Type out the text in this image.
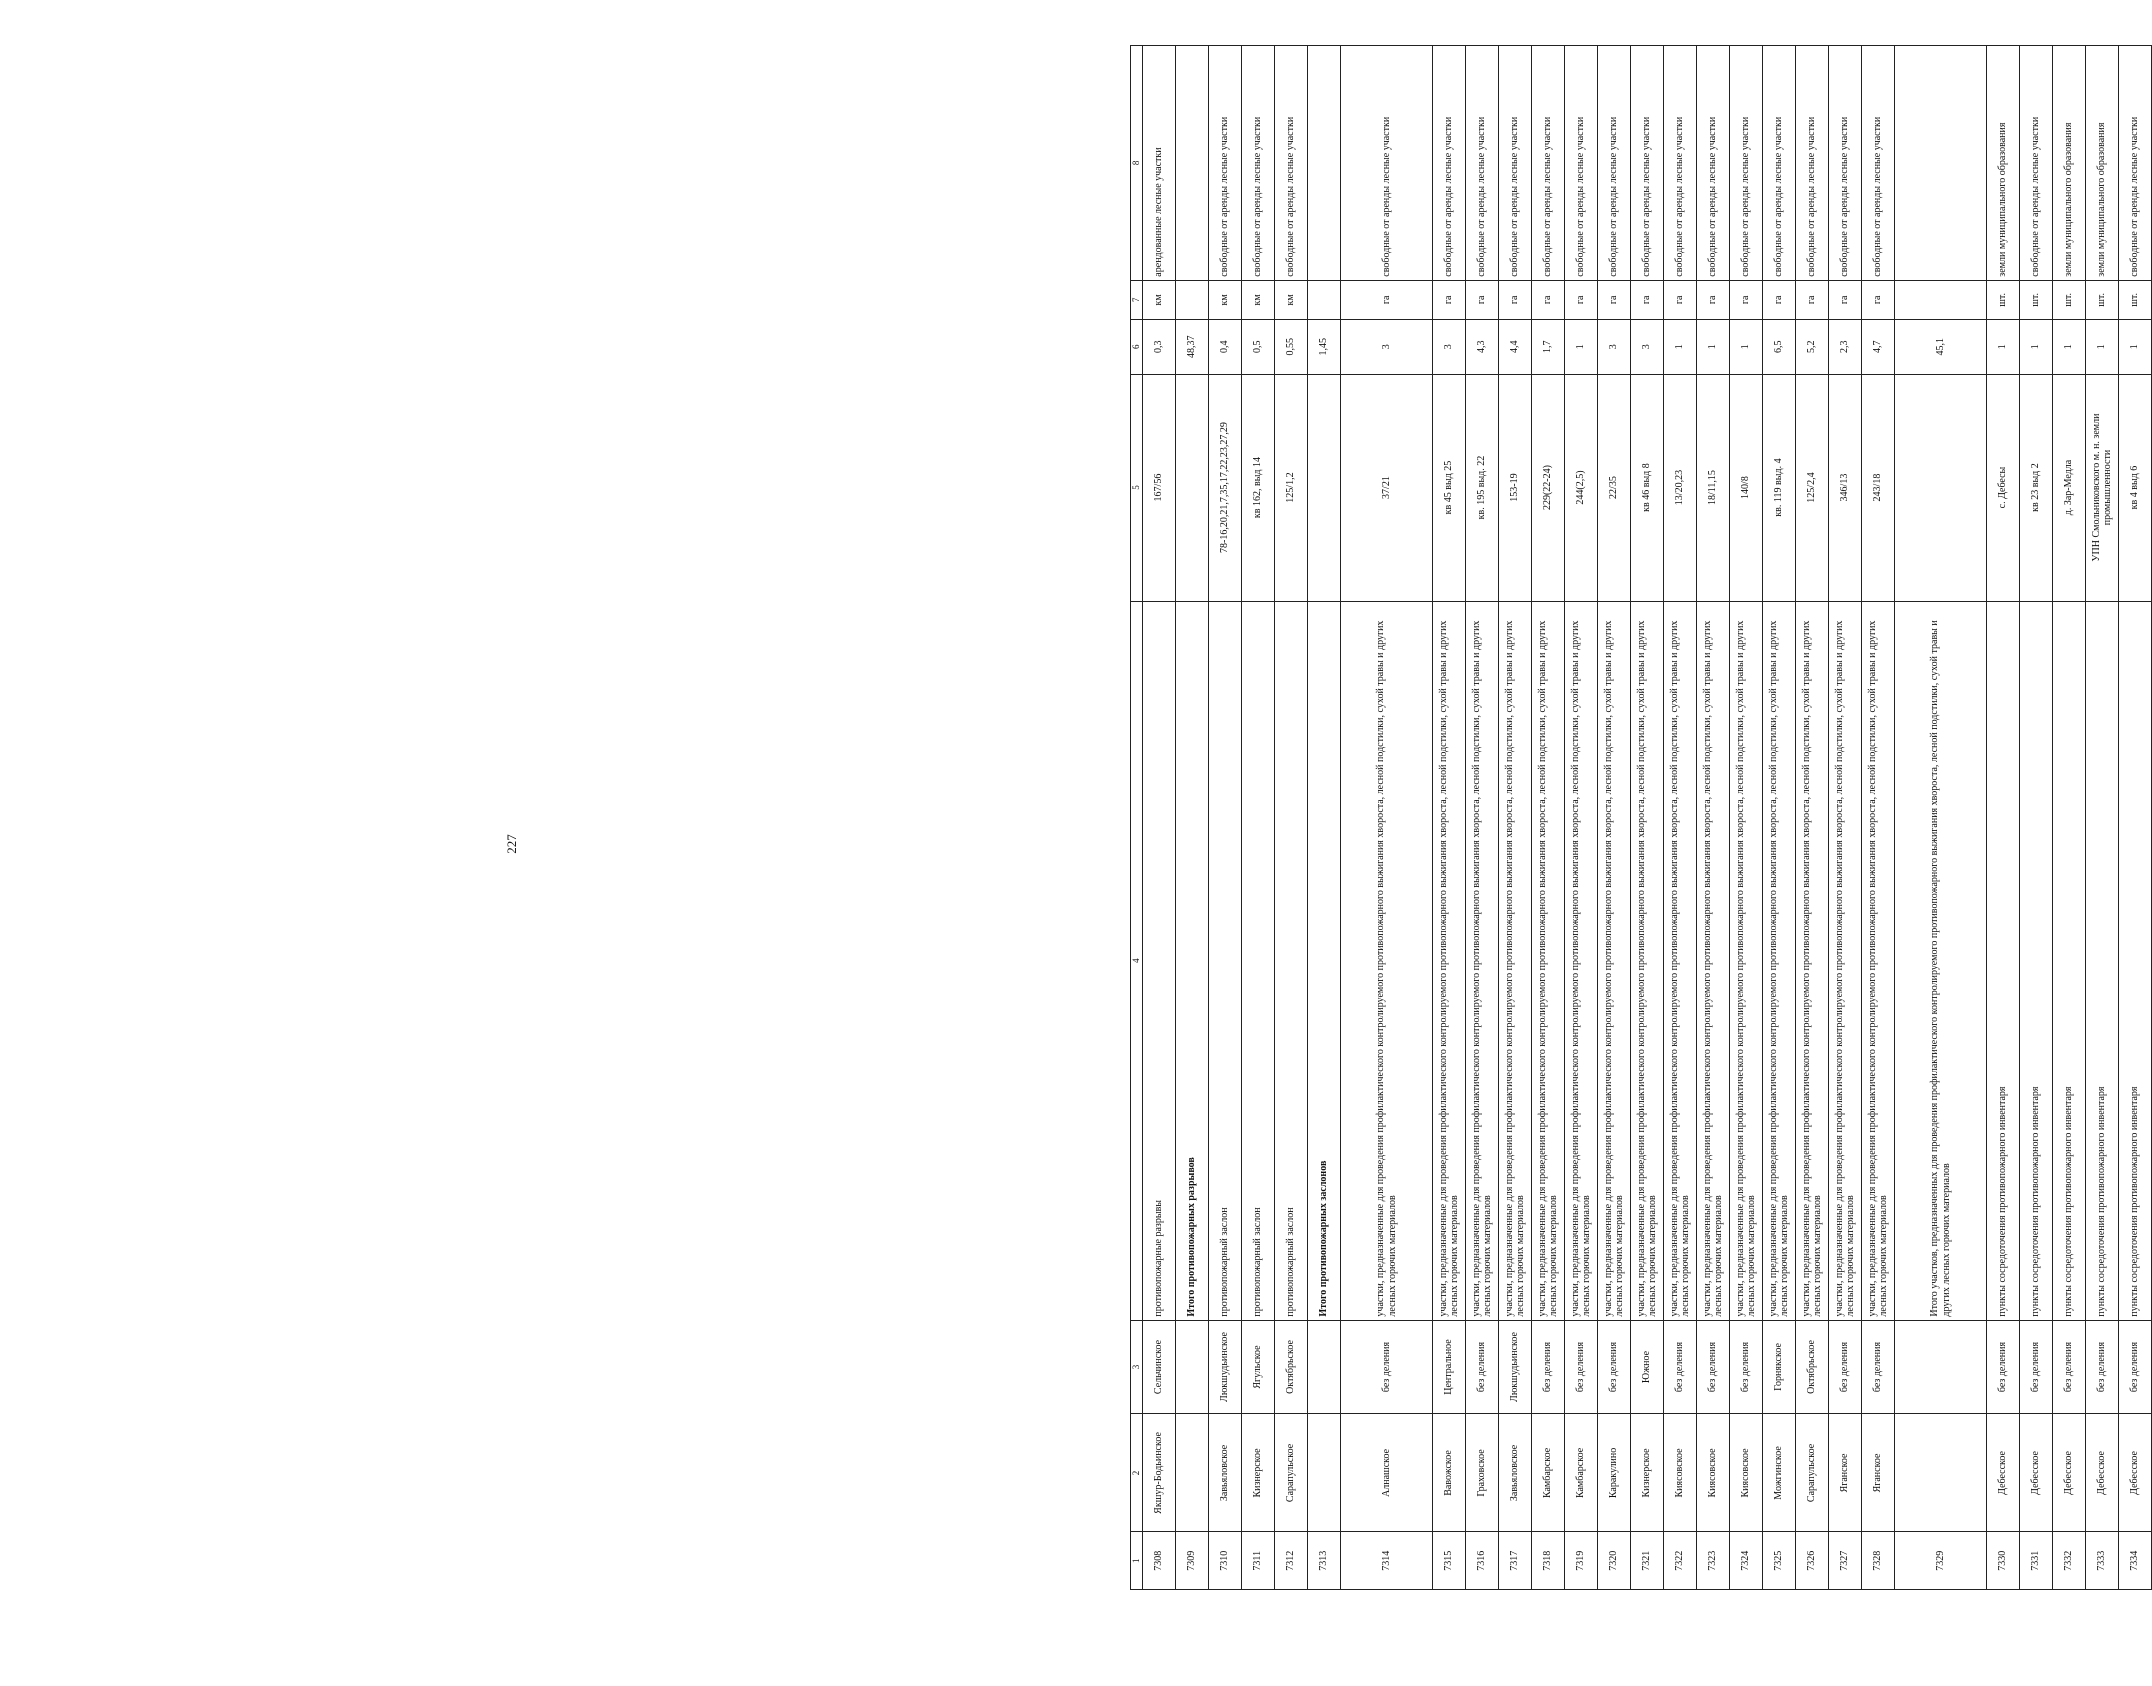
227
1	2	3	4	5	6	7	8
7308	Якшур-Бодьинское	Сельчинское	противопожарные разрывы	167/56	0,3	км	арендованные лесные участки
7309			Итого противопожарных разрывов		48,37		
7310	Завьяловское	Люкшудьинское	противопожарный заслон	78-16,20,21,7,35,17,22,23,27,29	0,4	км	свободные от аренды лесные участки
7311	Кизнерское	Ягульское	противопожарный заслон	кв 162, выд 14	0,5	км	свободные от аренды лесные участки
7312	Сарапульское	Октябрьское	противопожарный заслон	125/1,2	0,55	км	свободные от аренды лесные участки
7313			Итого противопожарных заслонов		1,45		
7314	Алнашское	без деления	участки, предназначенные для проведения профилактического контролируемого противопожарного выжигания хвороста, лесной подстилки, сухой травы и других лесных горючих материалов	37/21	3	га	свободные от аренды лесные участки
7315	Вавожское	Центральное	участки, предназначенные для проведения профилактического контролируемого противопожарного выжигания хвороста, лесной подстилки, сухой травы и других лесных горючих материалов	кв 45 выд 25	3	га	свободные от аренды лесные участки
7316	Граховское	без деления	участки, предназначенные для проведения профилактического контролируемого противопожарного выжигания хвороста, лесной подстилки, сухой травы и других лесных горючих материалов	кв. 195 выд. 22	4,3	га	свободные от аренды лесные участки
7317	Завьяловское	Люкшудьинское	участки, предназначенные для проведения профилактического контролируемого противопожарного выжигания хвороста, лесной подстилки, сухой травы и других лесных горючих материалов	153-19	4,4	га	свободные от аренды лесные участки
7318	Камбарское	без деления	участки, предназначенные для проведения профилактического контролируемого противопожарного выжигания хвороста, лесной подстилки, сухой травы и других лесных горючих материалов	229(22-24)	1,7	га	свободные от аренды лесные участки
7319	Камбарское	без деления	участки, предназначенные для проведения профилактического контролируемого противопожарного выжигания хвороста, лесной подстилки, сухой травы и других лесных горючих материалов	244(2,5)	1	га	свободные от аренды лесные участки
7320	Каракулино	без деления	участки, предназначенные для проведения профилактического контролируемого противопожарного выжигания хвороста, лесной подстилки, сухой травы и других лесных горючих материалов	22/35	3	га	свободные от аренды лесные участки
7321	Кизнерское	Южное	участки, предназначенные для проведения профилактического контролируемого противопожарного выжигания хвороста, лесной подстилки, сухой травы и других лесных горючих материалов	кв 46 выд 8	3	га	свободные от аренды лесные участки
7322	Киясовское	без деления	участки, предназначенные для проведения профилактического контролируемого противопожарного выжигания хвороста, лесной подстилки, сухой травы и других лесных горючих материалов	13/20,23	1	га	свободные от аренды лесные участки
7323	Киясовское	без деления	участки, предназначенные для проведения профилактического контролируемого противопожарного выжигания хвороста, лесной подстилки, сухой травы и других лесных горючих материалов	18/11,15	1	га	свободные от аренды лесные участки
7324	Киясовское	без деления	участки, предназначенные для проведения профилактического контролируемого противопожарного выжигания хвороста, лесной подстилки, сухой травы и других лесных горючих материалов	140/8	1	га	свободные от аренды лесные участки
7325	Можгинское	Горнякское	участки, предназначенные для проведения профилактического контролируемого противопожарного выжигания хвороста, лесной подстилки, сухой травы и других лесных горючих материалов	кв. 119 выд. 4	6,5	га	свободные от аренды лесные участки
7326	Сарапульское	Октябрьское	участки, предназначенные для проведения профилактического контролируемого противопожарного выжигания хвороста, лесной подстилки, сухой травы и других лесных горючих материалов	125/2,4	5,2	га	свободные от аренды лесные участки
7327	Яганское	без деления	участки, предназначенные для проведения профилактического контролируемого противопожарного выжигания хвороста, лесной подстилки, сухой травы и других лесных горючих материалов	346/13	2,3	га	свободные от аренды лесные участки
7328	Яганское	без деления	участки, предназначенные для проведения профилактического контролируемого противопожарного выжигания хвороста, лесной подстилки, сухой травы и других лесных горючих материалов	243/18	4,7	га	свободные от аренды лесные участки
7329			Итого участков, предназначенных для проведения профилактического контролируемого противопожарного выжигания хвороста, лесной подстилки, сухой травы и других лесных горючих материалов		45,1		
7330	Дебесское	без деления	пункты сосредоточения противопожарного инвентаря	с. Дебесы	1	шт.	земли муниципального образования
7331	Дебесское	без деления	пункты сосредоточения противопожарного инвентаря	кв 23 выд 2	1	шт.	свободные от аренды лесные участки
7332	Дебесское	без деления	пункты сосредоточения противопожарного инвентаря	д. Зар-Медла	1	шт.	земли муниципального образования
7333	Дебесское	без деления	пункты сосредоточения противопожарного инвентаря	УПН Смольниковского м. н. земли промышленности	1	шт.	земли муниципального образования
7334	Дебесское	без деления	пункты сосредоточения противопожарного инвентаря	кв 4 выд 6	1	шт.	свободные от аренды лесные участки
